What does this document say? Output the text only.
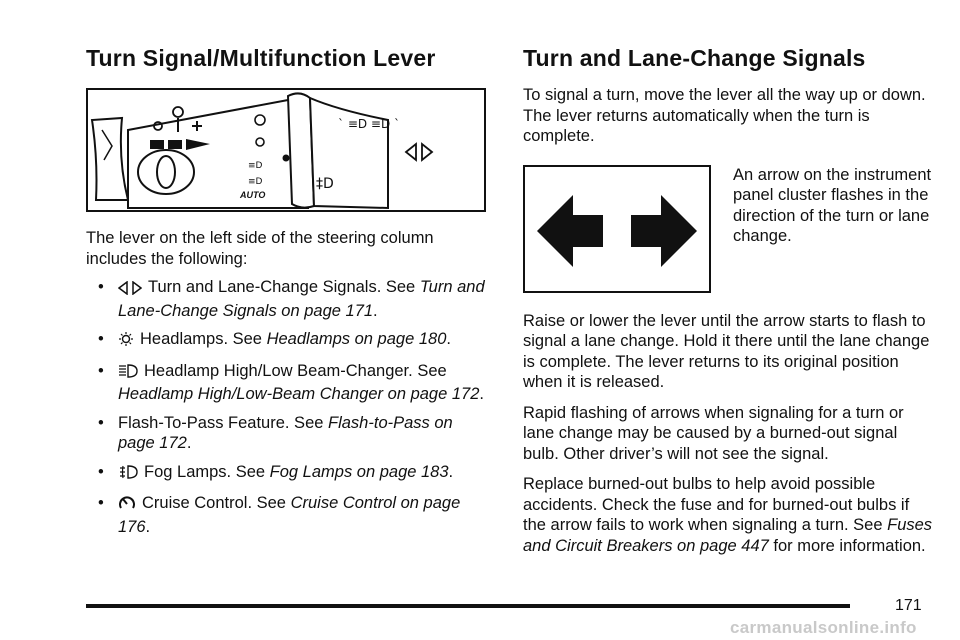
Turn Signal/Multifunction Lever
≡D
≡D
AUTO
‡D
` ≡D ≡D `

The lever on the left side of the steering column includes the following:

•	Turn and Lane-Change Signals. See Turn and Lane-Change Signals on page 171.
• Headlamps. See Headlamps on page 180.
• Headlamp High/Low Beam-Changer. See Headlamp High/Low-Beam Changer on page 172.
• Flash-To-Pass Feature. See Flash-to-Pass on page 172.
• Fog Lamps. See Fog Lamps on page 183.
• Cruise Control. See Cruise Control on page 176.
Turn and Lane-Change Signals

To signal a turn, move the lever all the way up or down. The lever returns automatically when the turn is complete.

An arrow on the instrument panel cluster flashes in the direction of the turn or lane change.

Raise or lower the lever until the arrow starts to flash to signal a lane change. Hold it there until the lane change is complete. The lever returns to its original position when it is released.

Rapid flashing of arrows when signaling for a turn or lane change may be caused by a burned-out signal bulb. Other driver’s will not see the signal.

Replace burned-out bulbs to help avoid possible accidents. Check the fuse and for burned-out bulbs if the arrow fails to work when signaling a turn. See Fuses and Circuit Breakers on page 447 for more information.

171
carmanualsonline.info
